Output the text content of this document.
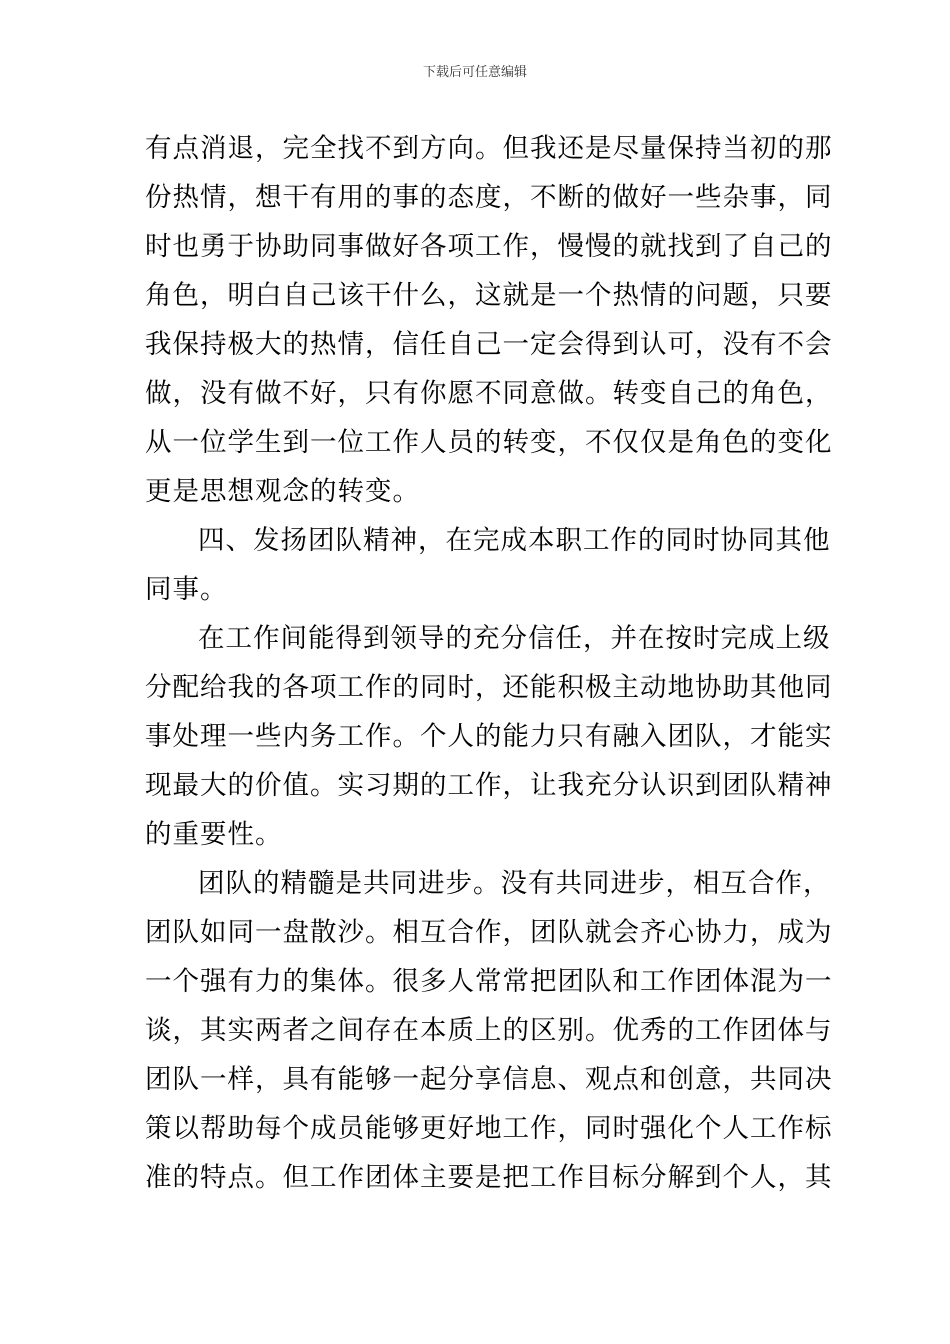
下载后可任意编辑

有点消退，完全找不到方向。但我还是尽量保持当初的那
份热情，想干有用的事的态度，不断的做好一些杂事，同
时也勇于协助同事做好各项工作，慢慢的就找到了自己的
角色，明白自己该干什么，这就是一个热情的问题，只要
我保持极大的热情，信任自己一定会得到认可，没有不会
做，没有做不好，只有你愿不同意做。转变自己的角色，
从一位学生到一位工作人员的转变，不仅仅是角色的变化
更是思想观念的转变。

四、发扬团队精神，在完成本职工作的同时协同其他
同事。

在工作间能得到领导的充分信任，并在按时完成上级
分配给我的各项工作的同时，还能积极主动地协助其他同
事处理一些内务工作。个人的能力只有融入团队，才能实
现最大的价值。实习期的工作，让我充分认识到团队精神
的重要性。

团队的精髓是共同进步。没有共同进步，相互合作，
团队如同一盘散沙。相互合作，团队就会齐心协力，成为
一个强有力的集体。很多人常常把团队和工作团体混为一
谈，其实两者之间存在本质上的区别。优秀的工作团体与
团队一样，具有能够一起分享信息、观点和创意，共同决
策以帮助每个成员能够更好地工作，同时强化个人工作标
准的特点。但工作团体主要是把工作目标分解到个人，其
